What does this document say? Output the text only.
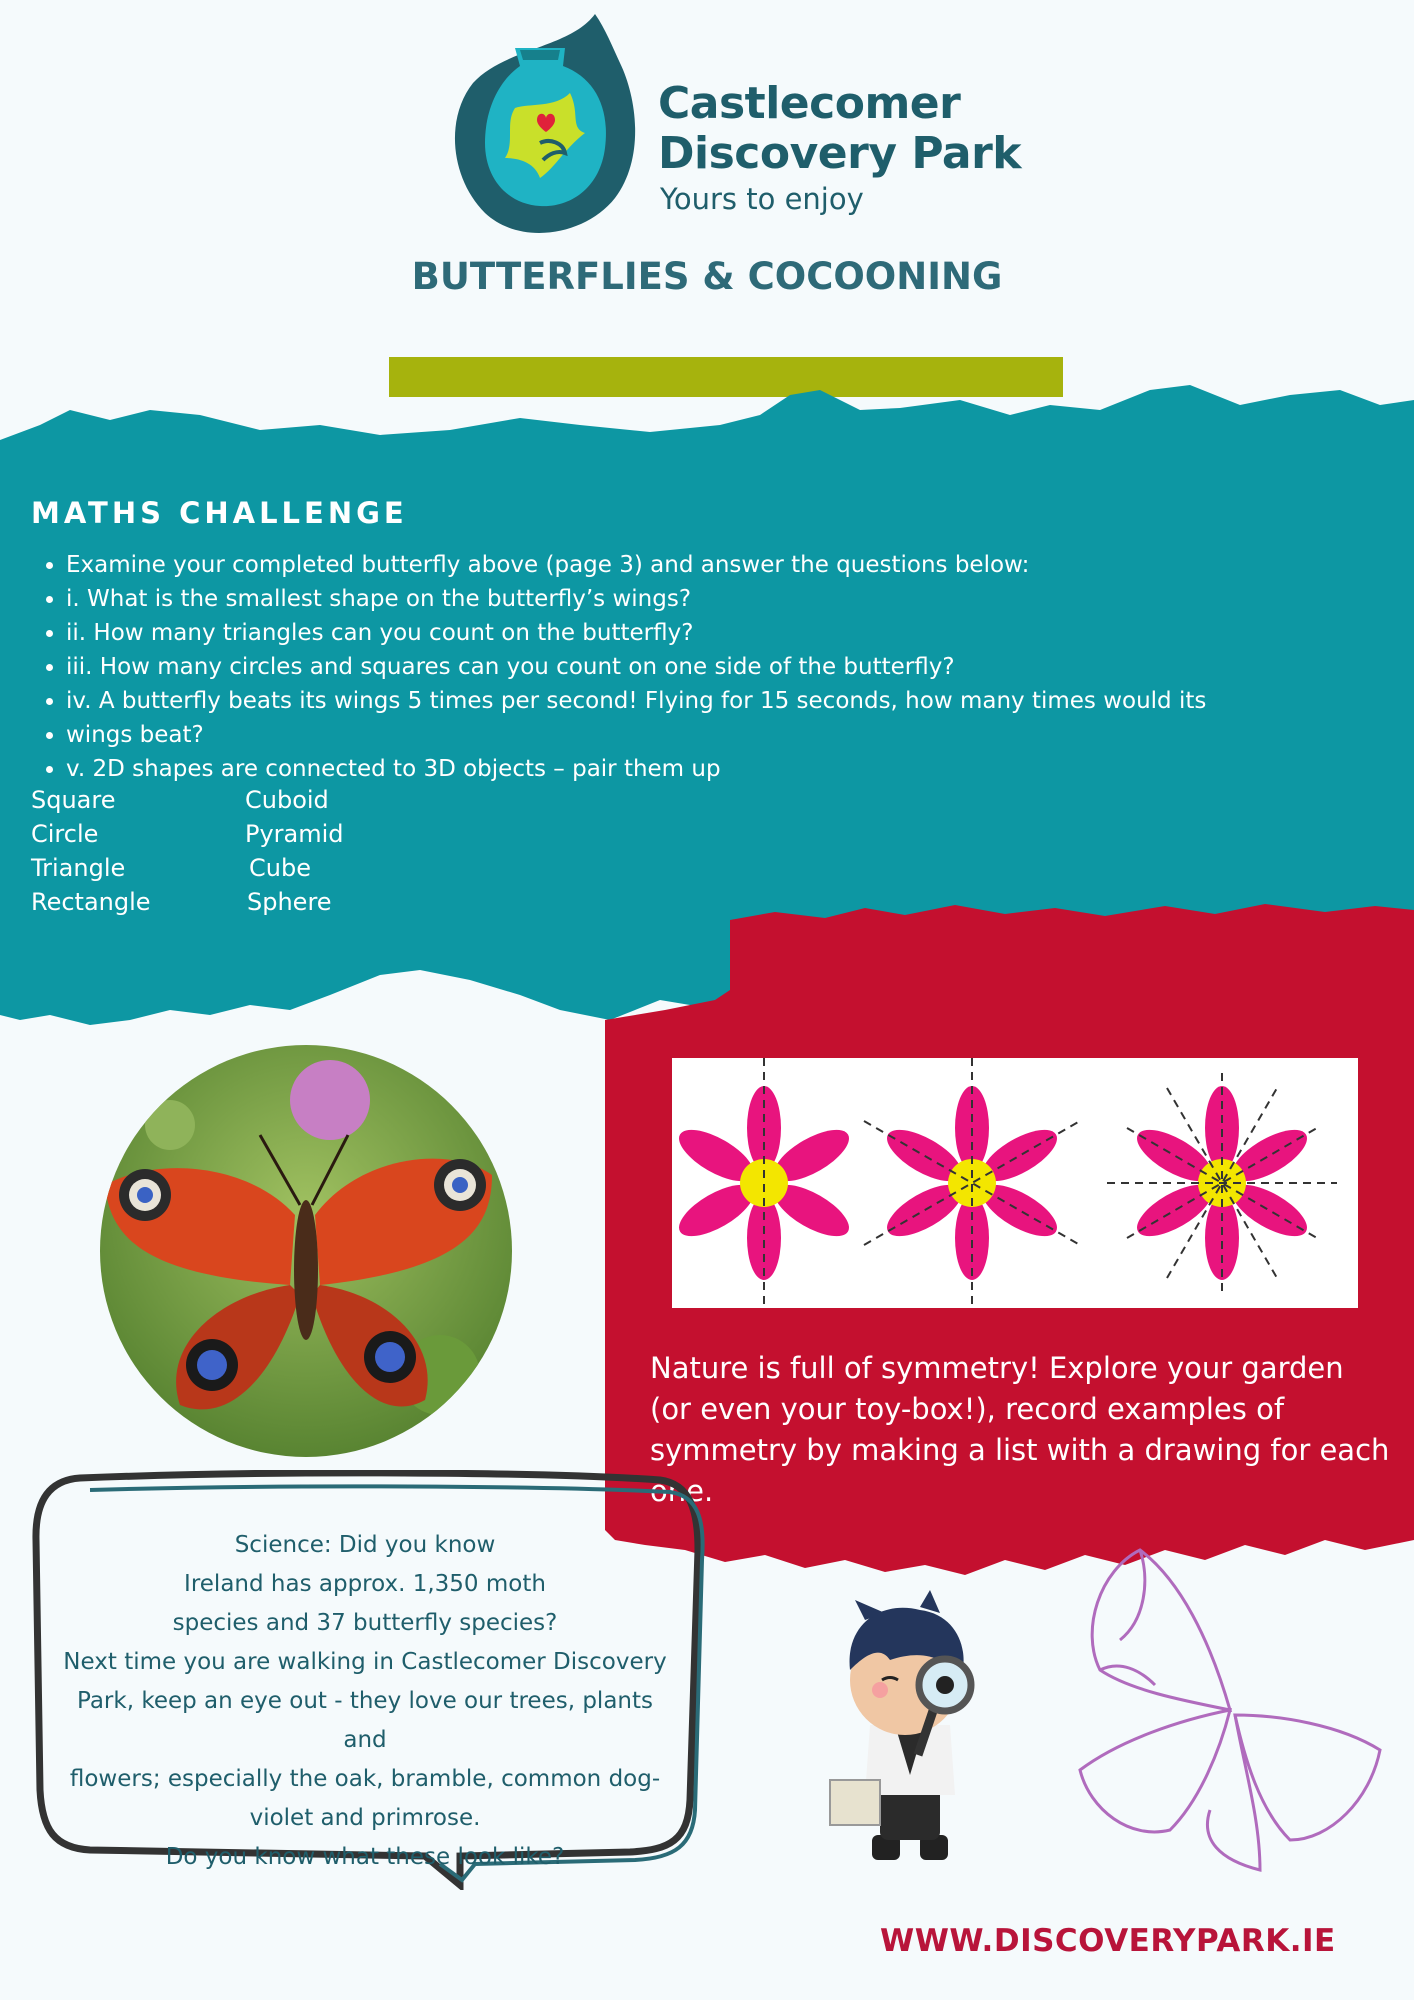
Castlecomer
Discovery Park
Yours to enjoy
BUTTERFLIES & COCOONING
MATHS CHALLENGE
• Examine your completed butterfly above (page 3) and answer the questions below:
• i. What is the smallest shape on the butterfly’s wings?
• ii. How many triangles can you count on the butterfly?
• iii. How many circles and squares can you count on one side of the butterfly?
• iv. A butterfly beats its wings 5 times per second! Flying for 15 seconds, how many times would its
• wings beat?
• v. 2D shapes are connected to 3D objects – pair them up
Square	Cuboid
Circle	Pyramid
Triangle	Cube
Rectangle	Sphere
Nature is full of symmetry! Explore your garden (or even your toy-box!), record examples of symmetry by making a list with a drawing for each one.
Science: Did you know
Ireland has approx. 1,350 moth
species and 37 butterfly species?
Next time you are walking in Castlecomer Discovery
Park, keep an eye out - they love our trees, plants and
flowers; especially the oak, bramble, common dog-
violet and primrose.
Do you know what these look like?
WWW.DISCOVERYPARK.IE
